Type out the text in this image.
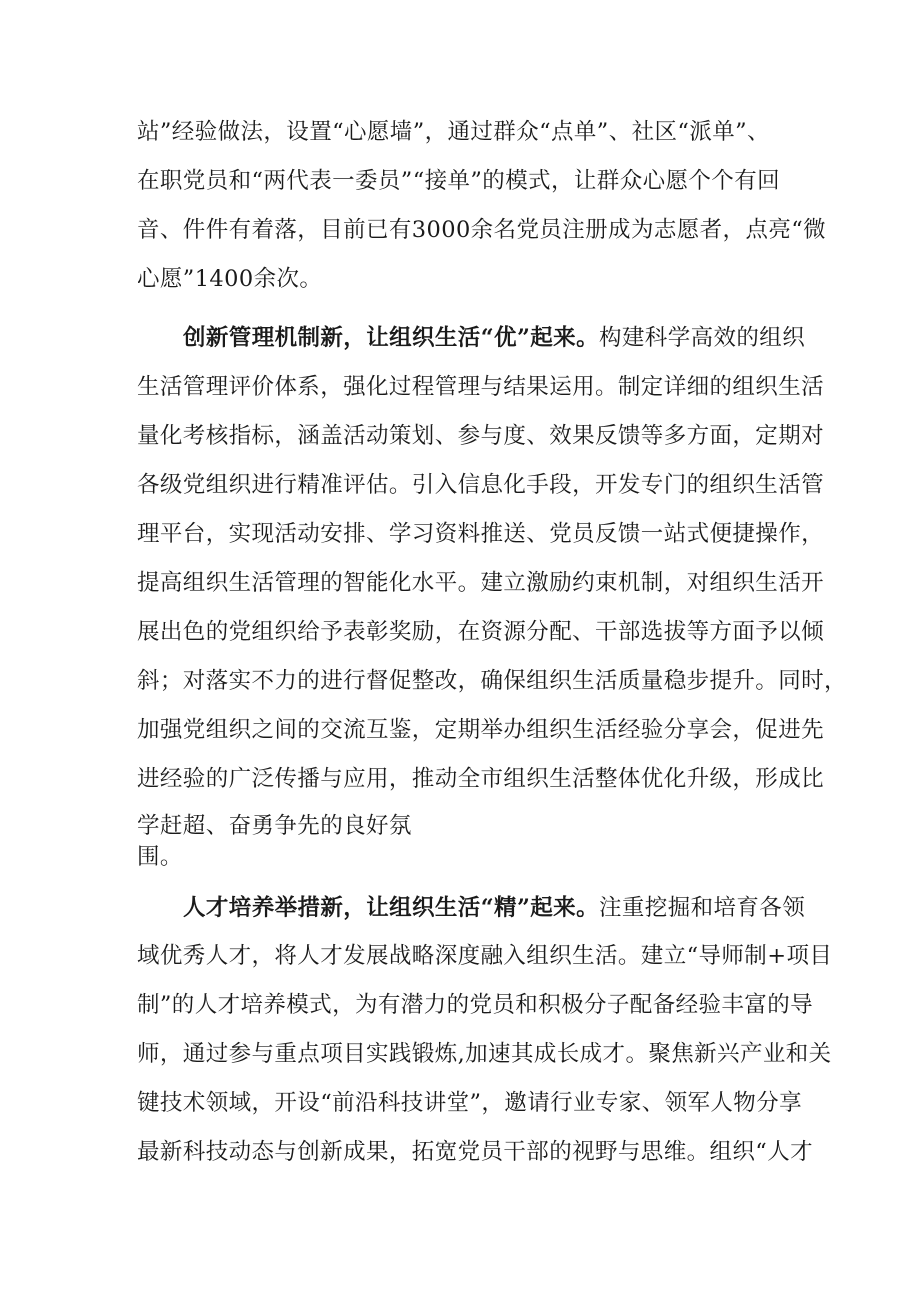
站”经验做法，设置“心愿墙”，通过群众“点单”、社区“派单”、
在职党员和“两代表一委员”“接单”的模式，让群众心愿个个有回
音、件件有着落，目前已有3000余名党员注册成为志愿者，点亮“微
心愿”1400余次。
创新管理机制新，让组织生活“优”起来。构建科学高效的组织
生活管理评价体系，强化过程管理与结果运用。制定详细的组织生活
量化考核指标，涵盖活动策划、参与度、效果反馈等多方面，定期对
各级党组织进行精准评估。引入信息化手段，开发专门的组织生活管
理平台，实现活动安排、学习资料推送、党员反馈一站式便捷操作，
提高组织生活管理的智能化水平。建立激励约束机制，对组织生活开
展出色的党组织给予表彰奖励，在资源分配、干部选拔等方面予以倾
斜；对落实不力的进行督促整改，确保组织生活质量稳步提升。同时，
加强党组织之间的交流互鉴，定期举办组织生活经验分享会，促进先
进经验的广泛传播与应用，推动全市组织生活整体优化升级，形成比
学赶超、奋勇争先的良好氛
围。
人才培养举措新，让组织生活“精”起来。注重挖掘和培育各领
域优秀人才，将人才发展战略深度融入组织生活。建立“导师制+项目
制”的人才培养模式，为有潜力的党员和积极分子配备经验丰富的导
师，通过参与重点项目实践锻炼,加速其成长成才。聚焦新兴产业和关
键技术领域，开设“前沿科技讲堂”，邀请行业专家、领军人物分享
最新科技动态与创新成果，拓宽党员干部的视野与思维。组织“人才
